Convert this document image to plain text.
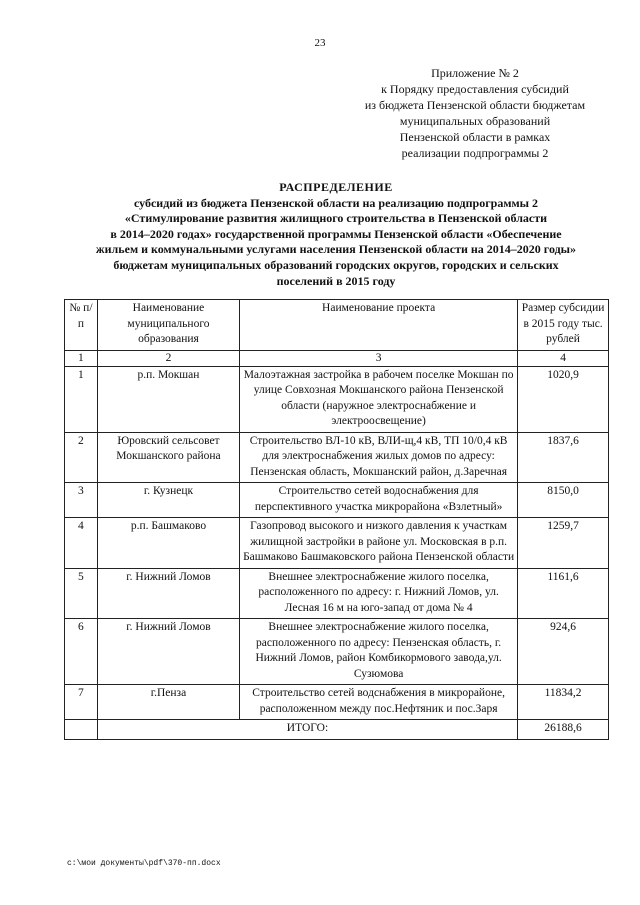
23
Приложение № 2
к Порядку предоставления субсидий
из бюджета Пензенской области бюджетам
муниципальных образований
Пензенской области в рамках
реализации подпрограммы 2
РАСПРЕДЕЛЕНИЕ
субсидий из бюджета Пензенской области на реализацию подпрограммы 2
«Стимулирование развития жилищного строительства в Пензенской области
в 2014–2020 годах» государственной программы Пензенской области «Обеспечение
жильем и коммунальными услугами населения Пензенской области на 2014–2020 годы»
бюджетам муниципальных образований городских округов, городских и сельских
поселений в 2015 году
№ п/п	Наименование муниципального образования	Наименование проекта	Размер субсидии в 2015 году тыс. рублей
1	2	3	4
1	р.п. Мокшан	Малоэтажная застройка в рабочем поселке Мокшан по улице Совхозная Мокшанского района Пензенской области (наружное электроснабжение и электроосвещение)	1020,9
2	Юровский сельсовет Мокшанского района	Строительство ВЛ-10 кВ, ВЛИ-щ,4 кВ, ТП 10/0,4 кВ для электроснабжения жилых домов по адресу: Пензенская область, Мокшанский район, д.Заречная	1837,6
3	г. Кузнецк	Строительство сетей водоснабжения для перспективного участка микрорайона «Взлетный»	8150,0
4	р.п. Башмаково	Газопровод высокого и низкого давления к участкам жилищной застройки в районе ул. Московская в р.п. Башмаково Башмаковского района Пензенской области	1259,7
5	г. Нижний Ломов	Внешнее электроснабжение жилого поселка, расположенного по адресу: г. Нижний Ломов, ул. Лесная 16 м на юго-запад от дома № 4	1161,6
6	г. Нижний Ломов	Внешнее электроснабжение жилого поселка, расположенного по адресу: Пензенская область, г. Нижний Ломов, район Комбикормового завода,ул. Сузюмова	924,6
7	г.Пенза	Строительство сетей водснабжения в микрорайоне, расположенном между пос.Нефтяник и пос.Заря	11834,2
	ИТОГО:		26188,6
c:\мои документы\pdf\370-пп.docx
